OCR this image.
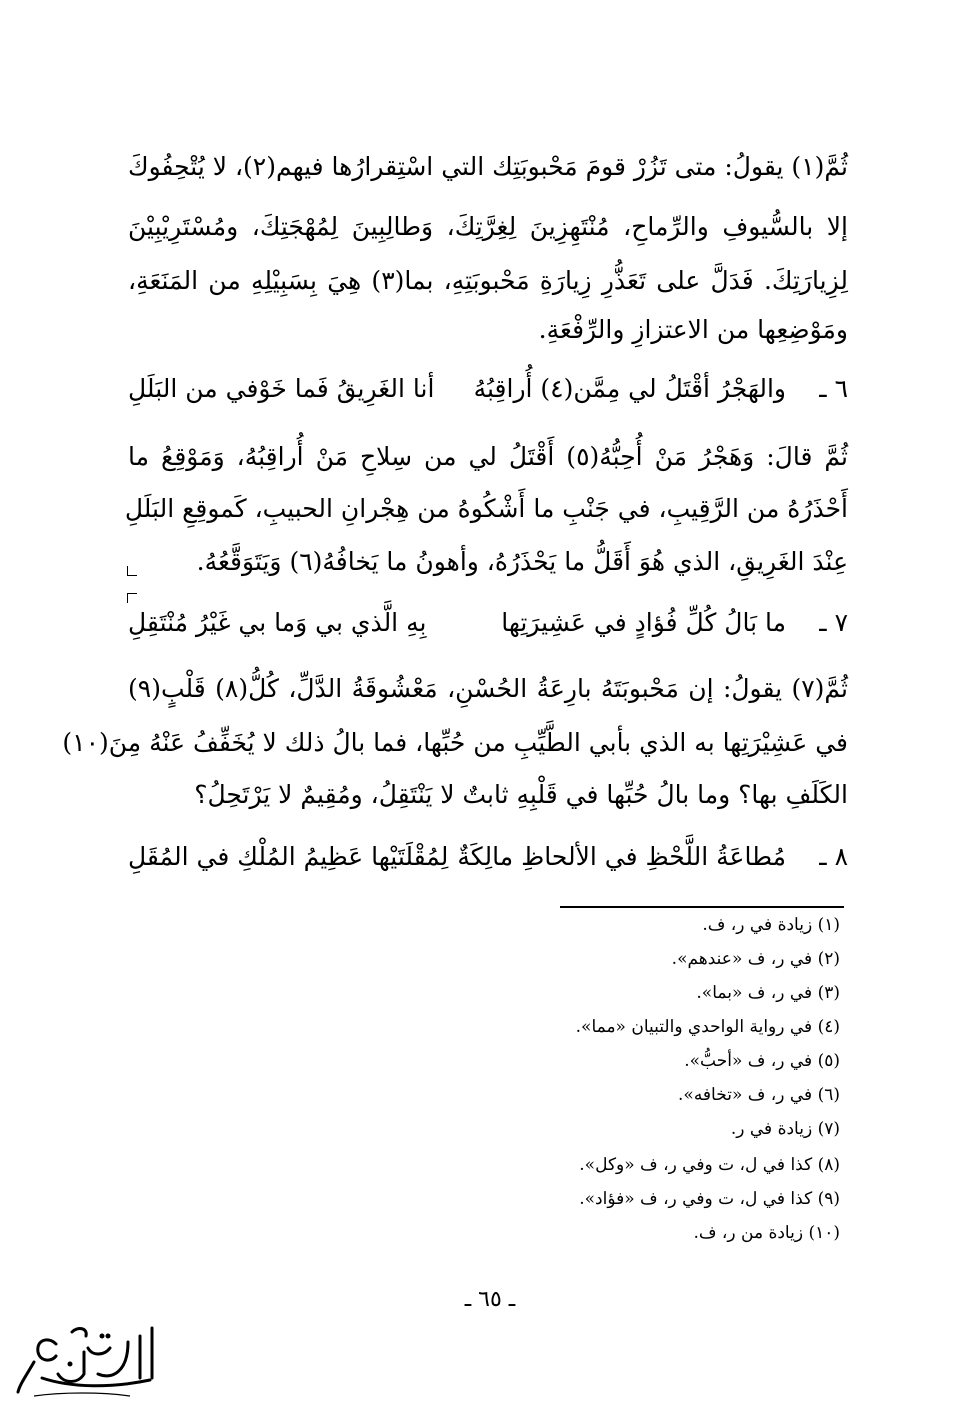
ثُمَّ(١) يقولُ: متى تَزُرْ قومَ مَحْبوبَتِك التي اسْتِقرارُها فيهم(٢)، لا يُتْحِفُوكَ
إلا بالسُّيوفِ والرِّماحِ، مُنْتَهِزِينَ لِغِرَّتِكَ، وَطالِبِينَ لِمُهْجَتِكَ، ومُسْتَرِيْبِيْنَ
لِزِيارَتِكَ. فَدَلَّ على تَعَذُّرِ زِيارَةِ مَحْبوبَتِهِ، بما(٣) هِيَ بِسَبِيْلِهِ من المَنَعَةِ،
ومَوْضِعِها من الاعتزازِ والرِّفْعَةِ.
٦ ـ
والهَجْرُ أقْتَلُ لي مِمَّن(٤) أُراقِبُهُ
أنا الغَرِيقُ فَما خَوْفي من البَلَلِ
ثُمَّ قالَ: وَهَجْرُ مَنْ أُحِبُّهُ(٥) أَقْتَلُ لي من سِلاحِ مَنْ أُراقِبُهُ، وَمَوْقِعُ ما
أَحْذَرُهُ من الرَّقِيبِ، في جَنْبِ ما أَشْكُوهُ من هِجْرانِ الحبيبِ، كَموقِعِ البَلَلِ
عِنْدَ الغَرِيقِ، الذي هُوَ أَقَلُّ ما يَحْذَرُهُ، وأهونُ ما يَخافُهُ(٦) وَيَتَوَقَّعُهُ.
٧ ـ
ما بَالُ كُلِّ فُؤادٍ في عَشِيرَتِها
بِهِ الَّذي بي وَما بي غَيْرُ مُنْتَقِلِ
ثُمَّ(٧) يقولُ: إن مَحْبوبَتَهُ بارِعَةُ الحُسْنِ، مَعْشُوقَةُ الدَّلِّ، كُلُّ(٨) قَلْبٍ(٩)
في عَشِيْرَتِها به الذي بأبي الطَّيِّبِ من حُبِّها، فما بالُ ذلك لا يُخَفِّفُ عَنْهُ مِنَ(١٠)
الكَلَفِ بها؟ وما بالُ حُبِّها في قَلْبِهِ ثابتٌ لا يَنْتَقِلُ، ومُقِيمٌ لا يَرْتَحِلُ؟
٨ ـ
مُطاعَةُ اللَّحْظِ في الألحاظِ مالِكَةٌ
لِمُقْلَتَيْها عَظِيمُ المُلْكِ في المُقَلِ
(١) زيادة في ر، ف.
(٢) في ر، ف «عندهم».
(٣) في ر، ف «بما».
(٤) في رواية الواحدي والتبيان «مما».
(٥) في ر، ف «أحبُّ».
(٦) في ر، ف «تخافه».
(٧) زيادة في ر.
(٨) كذا في ل، ت وفي ر، ف «وكل».
(٩) كذا في ل، ت وفي ر، ف «فؤاد».
(١٠) زيادة من ر، ف.
ـ ٦٥ ـ
